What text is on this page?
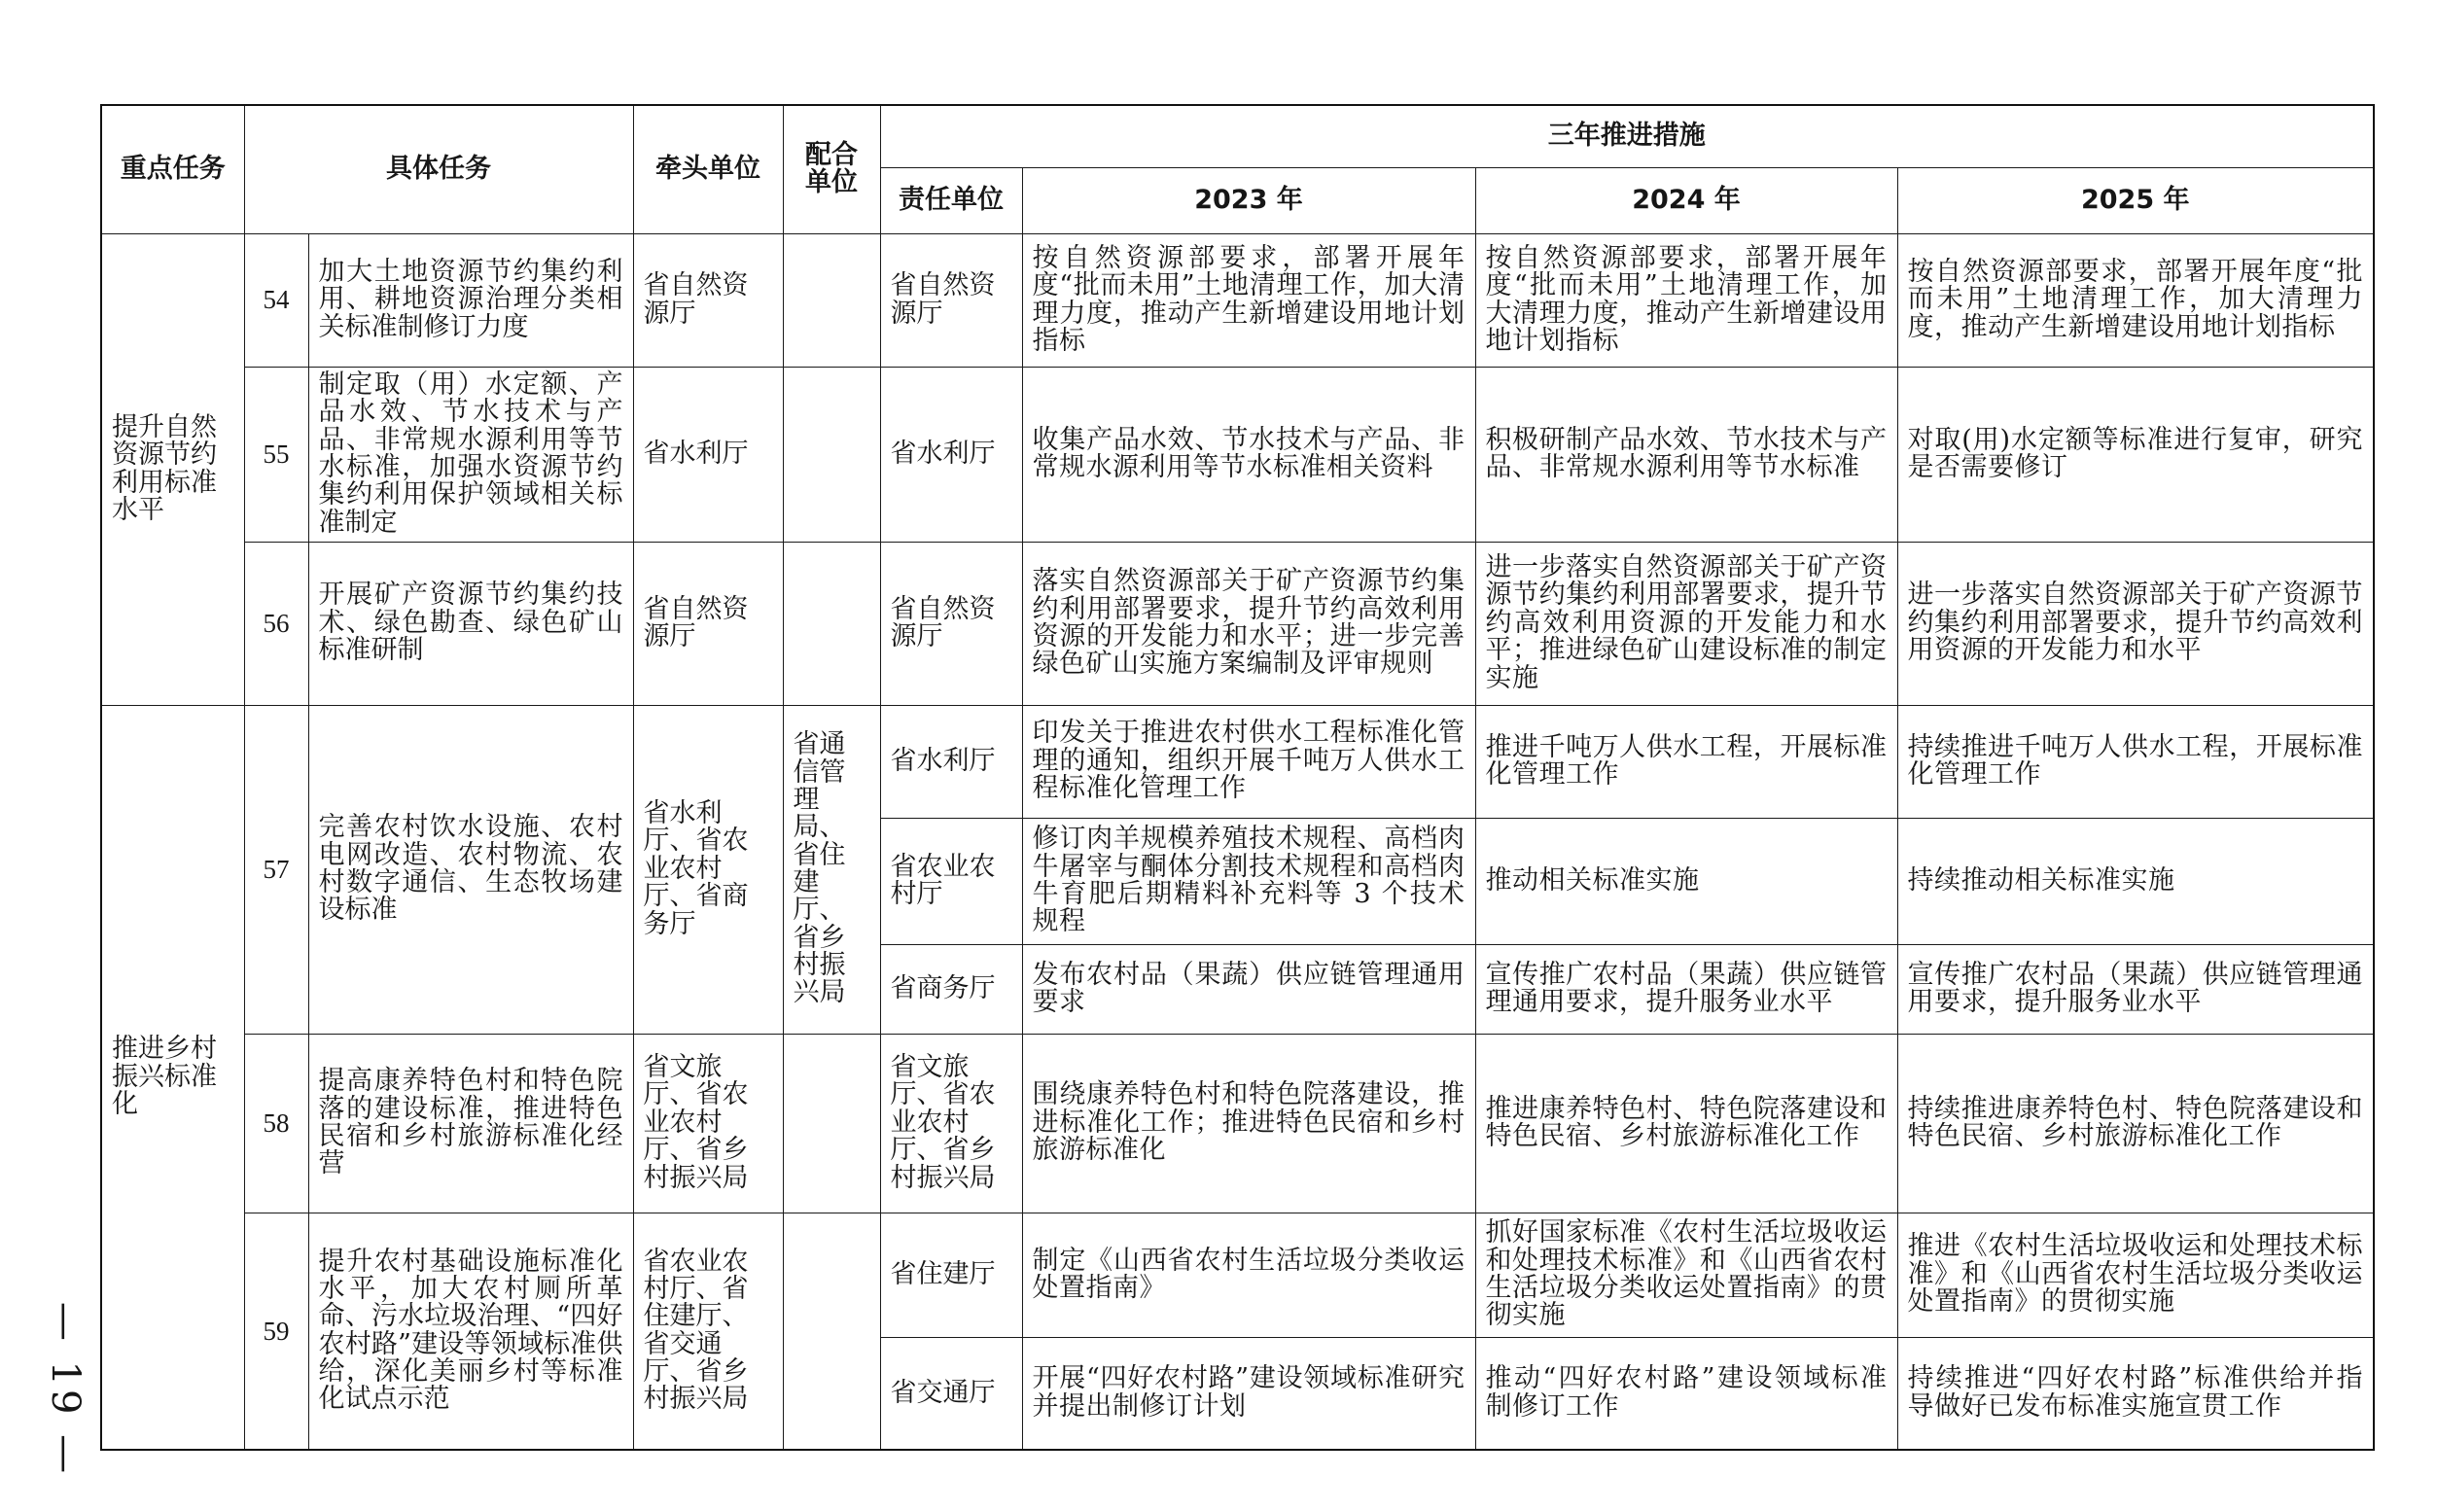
— 19 —
重点任务	具体任务		牵头单位	配合单位	三年推进措施			
					责任单位	2023 年	2024 年	2025 年
提升自然资源节约利用标准水平	54	加大土地资源节约集约利用、耕地资源治理分类相关标准制修订力度	省自然资源厅		省自然资源厅	按自然资源部要求，部署开展年度“批而未用”土地清理工作，加大清理力度，推动产生新增建设用地计划指标	按自然资源部要求，部署开展年度“批而未用”土地清理工作，加大清理力度，推动产生新增建设用地计划指标	按自然资源部要求，部署开展年度“批而未用”土地清理工作，加大清理力度，推动产生新增建设用地计划指标
	55	制定取（用）水定额、产品水效、节水技术与产品、非常规水源利用等节水标准，加强水资源节约集约利用保护领域相关标准制定	省水利厅		省水利厅	收集产品水效、节水技术与产品、非常规水源利用等节水标准相关资料	积极研制产品水效、节水技术与产品、非常规水源利用等节水标准	对取(用)水定额等标准进行复审，研究是否需要修订
	56	开展矿产资源节约集约技术、绿色勘查、绿色矿山标准研制	省自然资源厅		省自然资源厅	落实自然资源部关于矿产资源节约集约利用部署要求，提升节约高效利用资源的开发能力和水平；进一步完善绿色矿山实施方案编制及评审规则	进一步落实自然资源部关于矿产资源节约集约利用部署要求，提升节约高效利用资源的开发能力和水平；推进绿色矿山建设标准的制定实施	进一步落实自然资源部关于矿产资源节约集约利用部署要求，提升节约高效利用资源的开发能力和水平
推进乡村振兴标准化	57	完善农村饮水设施、农村电网改造、农村物流、农村数字通信、生态牧场建设标准	省水利厅、省农业农村厅、省商务厅	省通信管理局、省住建厅、省乡村振兴局	省水利厅	印发关于推进农村供水工程标准化管理的通知，组织开展千吨万人供水工程标准化管理工作	推进千吨万人供水工程，开展标准化管理工作	持续推进千吨万人供水工程，开展标准化管理工作
					省农业农村厅	修订肉羊规模养殖技术规程、高档肉牛屠宰与酮体分割技术规程和高档肉牛育肥后期精料补充料等 3 个技术规程	推动相关标准实施	持续推动相关标准实施
					省商务厅	发布农村品（果蔬）供应链管理通用要求	宣传推广农村品（果蔬）供应链管理通用要求，提升服务业水平	宣传推广农村品（果蔬）供应链管理通用要求，提升服务业水平
	58	提高康养特色村和特色院落的建设标准，推进特色民宿和乡村旅游标准化经营	省文旅厅、省农业农村厅、省乡村振兴局		省文旅厅、省农业农村厅、省乡村振兴局	围绕康养特色村和特色院落建设，推进标准化工作；推进特色民宿和乡村旅游标准化	推进康养特色村、特色院落建设和特色民宿、乡村旅游标准化工作	持续推进康养特色村、特色院落建设和特色民宿、乡村旅游标准化工作
	59	提升农村基础设施标准化水平，加大农村厕所革命、污水垃圾治理、“四好农村路”建设等领域标准供给，深化美丽乡村等标准化试点示范	省农业农村厅、省住建厅、省交通厅、省乡村振兴局		省住建厅	制定《山西省农村生活垃圾分类收运处置指南》	抓好国家标准《农村生活垃圾收运和处理技术标准》和《山西省农村生活垃圾分类收运处置指南》的贯彻实施	推进《农村生活垃圾收运和处理技术标准》和《山西省农村生活垃圾分类收运处置指南》的贯彻实施
					省交通厅	开展“四好农村路”建设领域标准研究并提出制修订计划	推动“四好农村路”建设领域标准制修订工作	持续推进“四好农村路”标准供给并指导做好已发布标准实施宣贯工作
